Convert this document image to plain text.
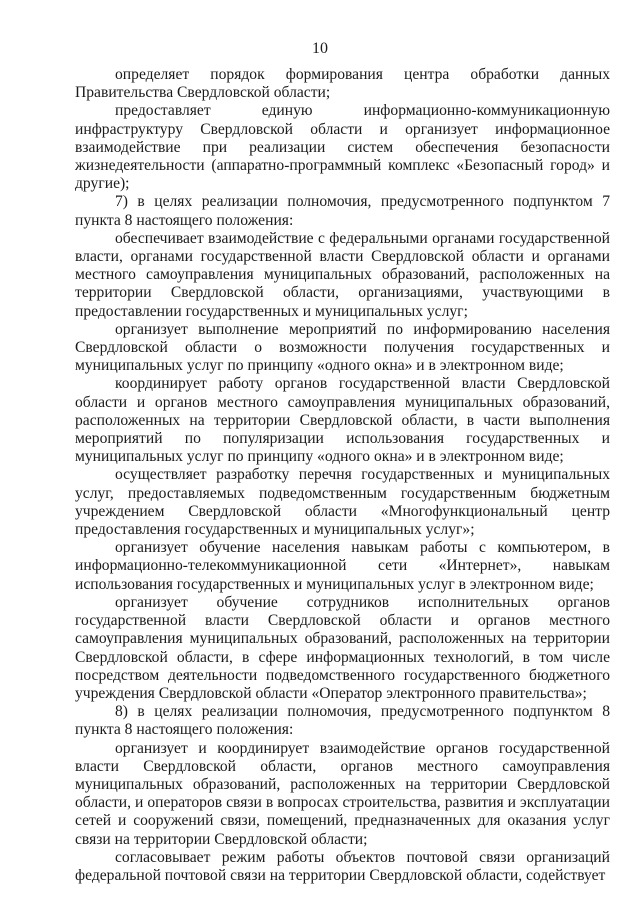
10

определяет порядок формирования центра обработки данных Правительства Свердловской области;

предоставляет единую информационно-коммуникационную инфраструктуру Свердловской области и организует информационное взаимодействие при реализации систем обеспечения безопасности жизнедеятельности (аппаратно-программный комплекс «Безопасный город» и другие);

7) в целях реализации полномочия, предусмотренного подпунктом 7 пункта 8 настоящего положения:

обеспечивает взаимодействие с федеральными органами государственной власти, органами государственной власти Свердловской области и органами местного самоуправления муниципальных образований, расположенных на территории Свердловской области, организациями, участвующими в предоставлении государственных и муниципальных услуг;

организует выполнение мероприятий по информированию населения Свердловской области о возможности получения государственных и муниципальных услуг по принципу «одного окна» и в электронном виде;

координирует работу органов государственной власти Свердловской области и органов местного самоуправления муниципальных образований, расположенных на территории Свердловской области, в части выполнения мероприятий по популяризации использования государственных и муниципальных услуг по принципу «одного окна» и в электронном виде;

осуществляет разработку перечня государственных и муниципальных услуг, предоставляемых подведомственным государственным бюджетным учреждением Свердловской области «Многофункциональный центр предоставления государственных и муниципальных услуг»;

организует обучение населения навыкам работы с компьютером, в информационно-телекоммуникационной сети «Интернет», навыкам использования государственных и муниципальных услуг в электронном виде;

организует обучение сотрудников исполнительных органов государственной власти Свердловской области и органов местного самоуправления муниципальных образований, расположенных на территории Свердловской области, в сфере информационных технологий, в том числе посредством деятельности подведомственного государственного бюджетного учреждения Свердловской области «Оператор электронного правительства»;

8) в целях реализации полномочия, предусмотренного подпунктом 8 пункта 8 настоящего положения:

организует и координирует взаимодействие органов государственной власти Свердловской области, органов местного самоуправления муниципальных образований, расположенных на территории Свердловской области, и операторов связи в вопросах строительства, развития и эксплуатации сетей и сооружений связи, помещений, предназначенных для оказания услуг связи на территории Свердловской области;

согласовывает режим работы объектов почтовой связи организаций федеральной почтовой связи на территории Свердловской области, содействует
